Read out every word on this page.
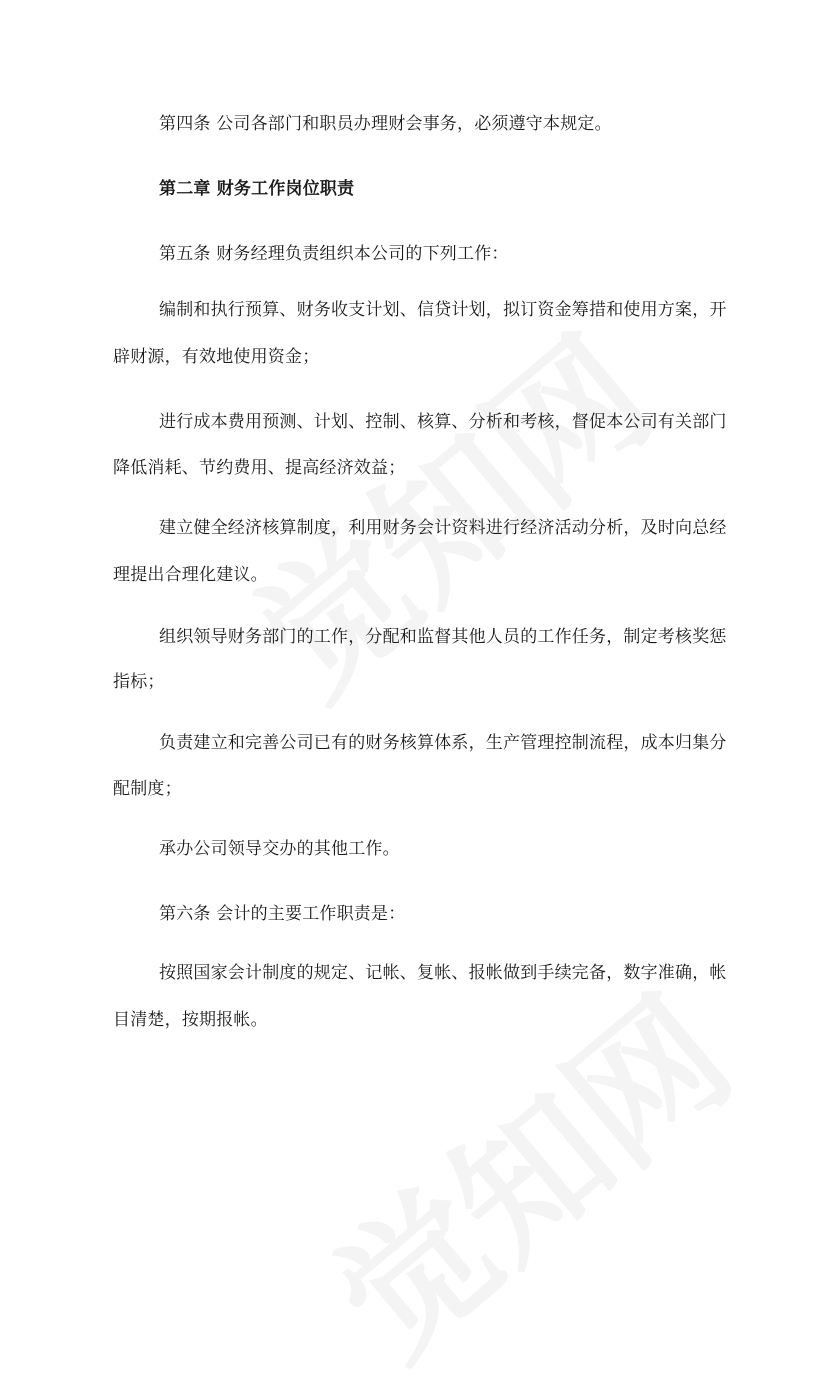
第四条 公司各部门和职员办理财会事务，必须遵守本规定。
第二章 财务工作岗位职责
第五条 财务经理负责组织本公司的下列工作：
编制和执行预算、财务收支计划、信贷计划，拟订资金筹措和使用方案，开
辟财源，有效地使用资金；
进行成本费用预测、计划、控制、核算、分析和考核，督促本公司有关部门
降低消耗、节约费用、提高经济效益；
建立健全经济核算制度，利用财务会计资料进行经济活动分析，及时向总经
理提出合理化建议。
组织领导财务部门的工作，分配和监督其他人员的工作任务，制定考核奖惩
指标；
负责建立和完善公司已有的财务核算体系，生产管理控制流程，成本归集分
配制度；
承办公司领导交办的其他工作。
第六条 会计的主要工作职责是：
按照国家会计制度的规定、记帐、复帐、报帐做到手续完备，数字准确，帐
目清楚，按期报帐。
